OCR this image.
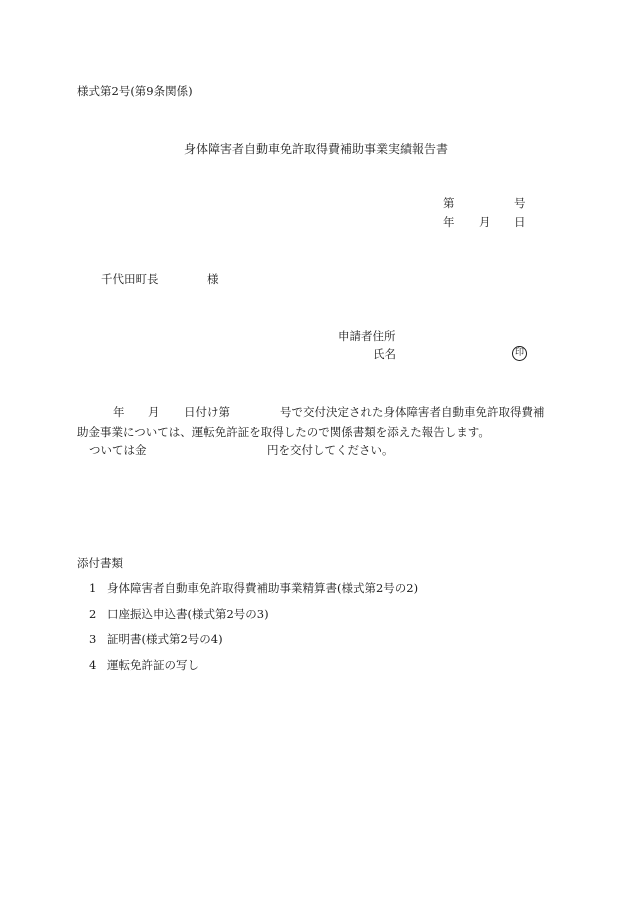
様式第2号(第9条関係)
身体障害者自動車免許取得費補助事業実績報告書
第	号
年 月 日
千代田町長	様
申請者住所
氏名	印
年 月 日付け第	号で交付決定された身体障害者自動車免許取得費補
助金事業については、運転免許証を取得したので関係書類を添えた報告します。
ついては金	円を交付してください。
添付書類
1 身体障害者自動車免許取得費補助事業精算書(様式第2号の2)
2 口座振込申込書(様式第2号の3)
3 証明書(様式第2号の4)
4 運転免許証の写し
